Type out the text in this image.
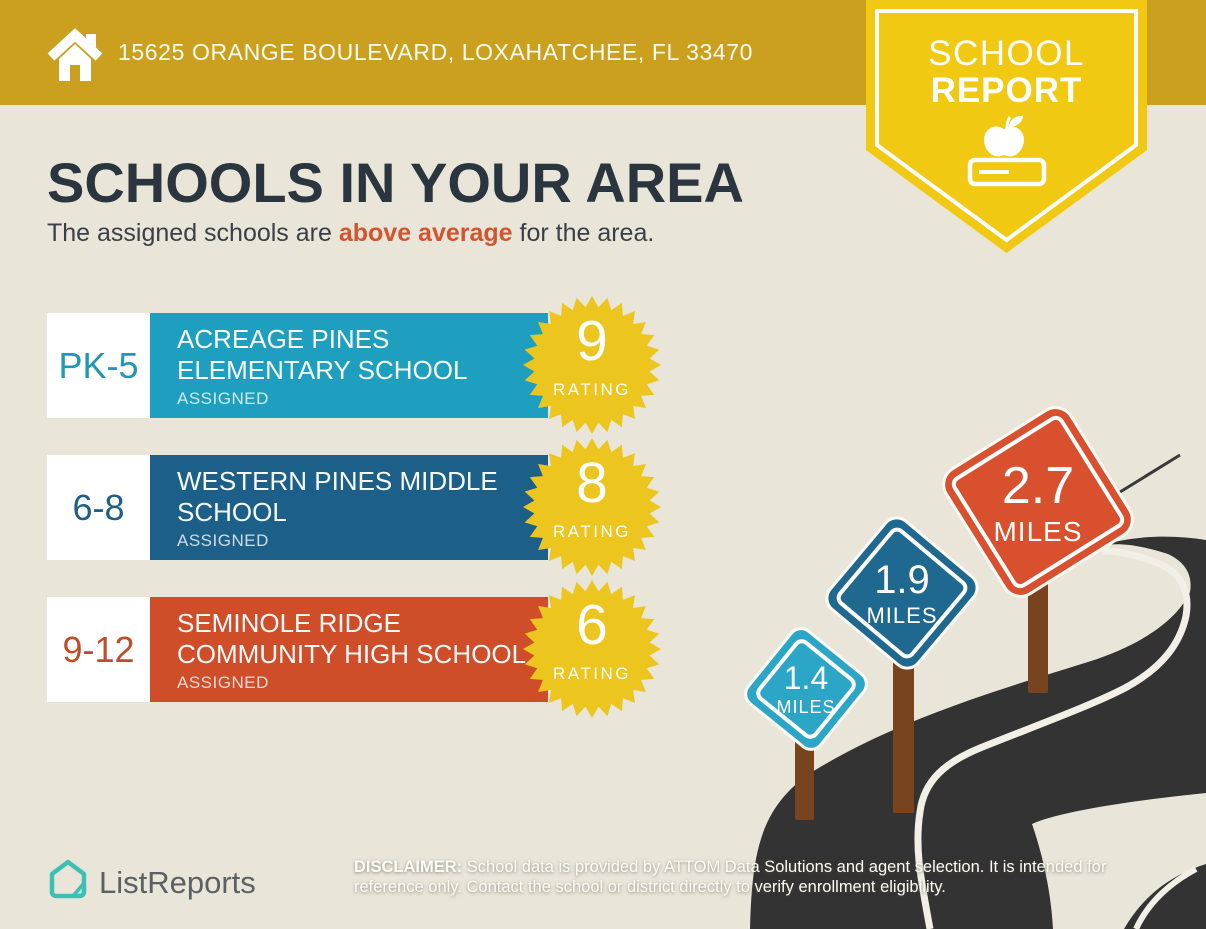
15625 ORANGE BOULEVARD, LOXAHATCHEE, FL 33470
1.4
MILES
1.9
MILES
2.7
MILES
SCHOOL
REPORT
SCHOOLS IN YOUR AREA
The assigned schools are above average for the area.
PK-5
ACREAGE PINES ELEMENTARY SCHOOL
ASSIGNED
9
RATING
6-8
WESTERN PINES MIDDLE SCHOOL
ASSIGNED
8
RATING
9-12
SEMINOLE RIDGE COMMUNITY HIGH SCHOOL
ASSIGNED
6
RATING
ListReports	DISCLAIMER: School data is provided by ATTOM Data Solutions and agent selection. It is intended for reference only. Contact the school or district directly to verify enrollment eligibility.
